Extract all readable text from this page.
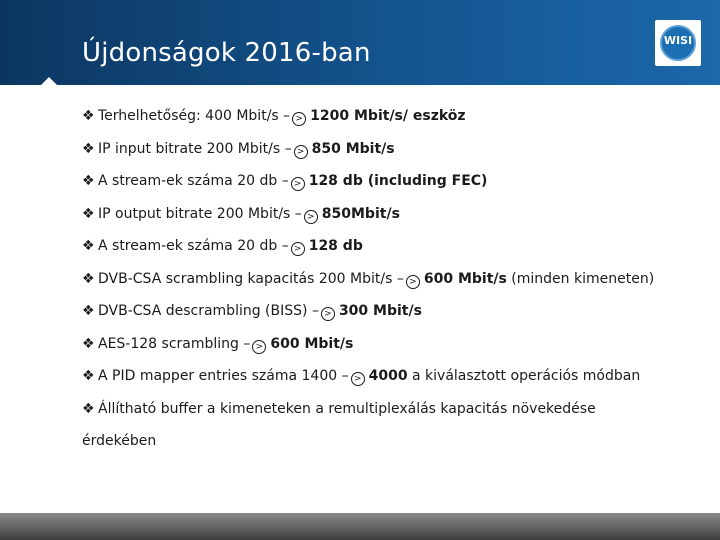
Újdonságok 2016-ban	WISI
❖ Terhelhetőség: 400 Mbit/s – > 1200 Mbit/s/ eszköz
❖ IP input bitrate 200 Mbit/s – > 850 Mbit/s
❖ A stream-ek száma 20 db – > 128 db (including FEC)
❖ IP output bitrate 200 Mbit/s – > 850Mbit/s
❖ A stream-ek száma 20 db – > 128 db
❖ DVB-CSA scrambling kapacitás 200 Mbit/s – > 600 Mbit/s (minden kimeneten)
❖ DVB-CSA descrambling (BISS) – > 300 Mbit/s
❖ AES-128 scrambling – > 600 Mbit/s
❖ A PID mapper entries száma 1400 – > 4000 a kiválasztott operációs módban
❖ Állítható buffer a kimeneteken a remultiplexálás kapacitás növekedése
érdekében
